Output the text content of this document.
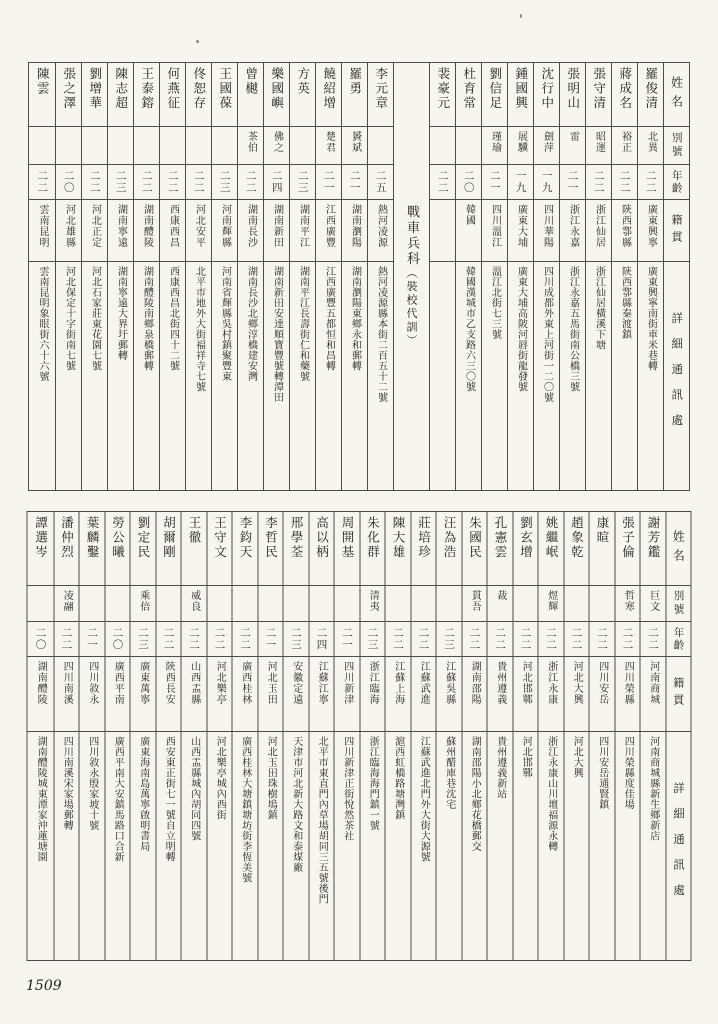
姓名
別號
年齡
籍貫
詳細通訊處
羅俊清
北異
二二
廣東興寧
廣東興寧南街車米巷轉
蔣成名
裕正
二二
陝西鄠縣
陝西鄠縣秦渡鎮
張守清
昭運
二二
浙江仙居
浙江仙居橫溪下塘
張明山
雷
二一
浙江永嘉
浙江永嘉五馬街南公橋三號
沈行中
劍萍
一九
四川華陽
四川成都外東上河街一二〇號
鍾國興
展驥
一九
廣東大埔
廣東大埔高陂河唇街龍發號
劉信足
瑾瑜
二一
四川溫江
溫江北街七三號
杜育常
二〇
韓國
韓國漢城市乙支路六三〇號
裴豪元
二二
戰車兵科（裝校代訓）
李元章
二五
熱河凌源
熱河凌源縣本街二百五十二號
羅勇
贇斌
二一
湖南瀏陽
湖南瀏陽東鄉永和郵轉
饒紹增
楚君
二一
江西廣豐
江西廣豐五都恒和昌轉
方英
二三
湖南平江
湖南平江長壽街仁和藥號
樂國嶼
佛之
二四
湖南新田
湖南新田安達順寶豐號轉潭田
曾樾
茶伯
二二
湖南長沙
湖南長沙北鄉淳橋建安灣
王國葆
二三
河南輝縣
河南省輝縣吳村鎮聚豐東
佟恕存
二二
河北安平
北平市地外大街福祥寺七號
何燕征
二二
西康西昌
西康西昌北街四十二號
王泰鎔
二二
湖南醴陵
湖南醴陵南鄉泉橋郵轉
陳志超
二三
湖南寧遠
湖南寧遠大界圩郵轉
劉增華
二二
河北正定
河北石家莊東花園七號
張之澤
二〇
河北雄縣
河北保定十字街南七號
陳雲
二二
雲南昆明
雲南昆明象眼街六十六號
姓名
別號
年齡
籍貫
詳細通訊處
謝芳鑑
巨文
二二
河南商城
河南商城縣新生鄉新店
張子倫
哲寒
二二
四川榮縣
四川榮縣度佳場
康暄
二二
四川安岳
四川安岳通賢鎮
趙象乾
二二
河北大興
河北大興
姚繼岷
煜輝
二二
浙江永康
浙江永康山川壇福源永轉
劉玄增
二二
河北邯鄲
河北邯鄲
孔憲雲
裁
二二
貴州遵義
貴州遵義新站
朱國民
貫吾
二二
湖南邵陽
湖南邵陽小北鄉花橋郵交
汪為浩
二三
江蘇吳縣
蘇州醋庫巷沈宅
莊培珍
二二
江蘇武進
江蘇武進北門外大街大源號
陳大雄
二二
江蘇上海
滬西虹橋路塘灣鎮
朱化群
清夷
二三
浙江臨海
浙江臨海海門鎮一號
周開基
二一
四川新津
四川新津正街悅然茶社
高以柄
二四
江蘇江寧
北平市東直門內草場胡同三五號後門
邢學荃
二三
安徽定遠
天津市河北新大路文和泰煤廠
李哲民
二一
河北玉田
河北玉田珠樹塢鎮
李鈞天
二二
廣西桂林
廣西桂林大塘鎮塘坊街李恆美號
王守文
二二
河北樂亭
河北樂亭城內西街
王徹
威良
二二
山西盂縣
山西盂縣城內胡同四號
胡爾剛
二二
陝西長安
西安東正街七一號自立明轉
劉定民
乘倍
二三
廣東萬寧
廣東海南島萬寧啟明書局
勞公曦
二〇
廣西平南
廣西平南大安鎮馬路口合新
葉麟鑿
二一
四川敘永
四川敘永殷家坡十號
潘仲烈
凌翮
二二
四川南溪
四川南溪宋家場郵轉
譚選岑
二〇
湖南醴陵
湖南醴陵城東潭家沖蓮塘園
1509
